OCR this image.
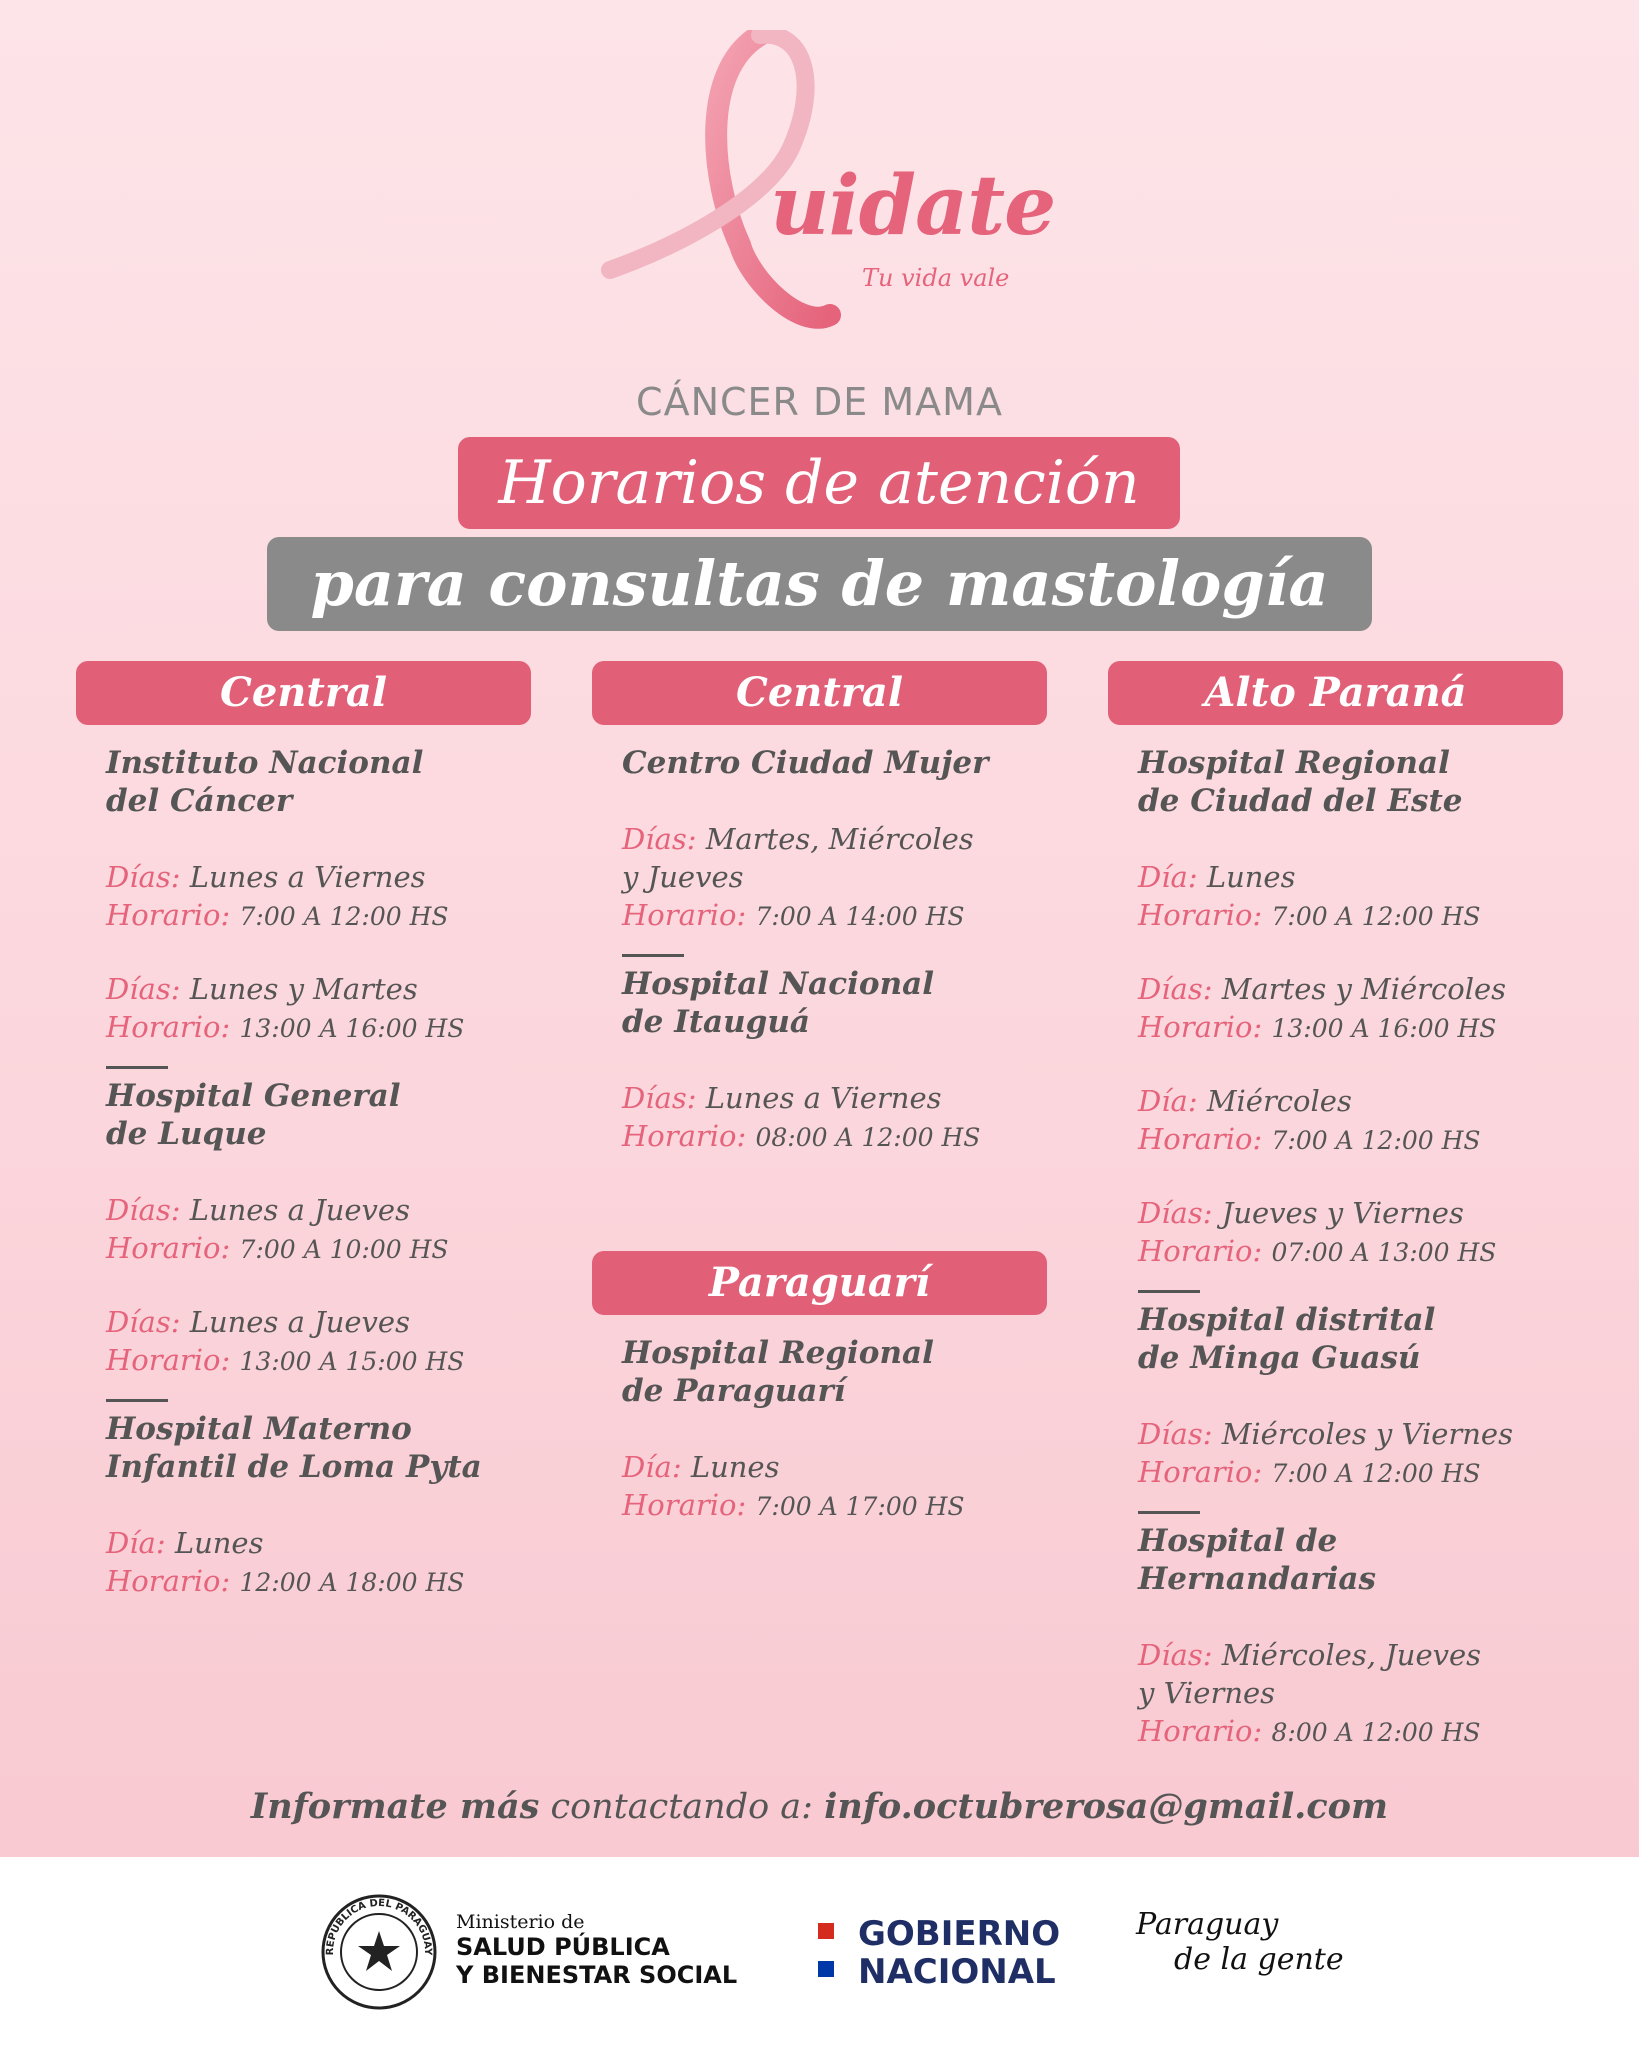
uidate
Tu vida vale
CÁNCER DE MAMA
Horarios de atención
para consultas de mastología
Central	Central
Paraguarí
Alto Paraná
Instituto Nacional
del Cáncer
Días: Lunes a Viernes
Horario: 7:00 A 12:00 HS
Días: Lunes y Martes
Horario: 13:00 A 16:00 HS
Hospital General
de Luque
Días: Lunes a Jueves
Horario: 7:00 A 10:00 HS
Días: Lunes a Jueves
Horario: 13:00 A 15:00 HS
Hospital Materno
Infantil de Loma Pyta
Día: Lunes
Horario: 12:00 A 18:00 HS
Centro Ciudad Mujer
Días: Martes, Miércoles
y Jueves
Horario: 7:00 A 14:00 HS
Hospital Nacional
de Itauguá
Días: Lunes a Viernes
Horario: 08:00 A 12:00 HS
Hospital Regional
de Paraguarí
Día: Lunes
Horario: 7:00 A 17:00 HS
Hospital Regional
de Ciudad del Este
Día: Lunes
Horario: 7:00 A 12:00 HS
Días: Martes y Miércoles
Horario: 13:00 A 16:00 HS
Día: Miércoles
Horario: 7:00 A 12:00 HS
Días: Jueves y Viernes
Horario: 07:00 A 13:00 HS
Hospital distrital
de Minga Guasú
Días: Miércoles y Viernes
Horario: 7:00 A 12:00 HS
Hospital de
Hernandarias
Días: Miércoles, Jueves
y Viernes
Horario: 8:00 A 12:00 HS
Informate más contactando a: info.octubrerosa@gmail.com
REPÚBLICA DEL PARAGUAY
Ministerio de
SALUD PÚBLICA
Y BIENESTAR SOCIAL
GOBIERNO
NACIONAL
Paraguay
de la gente
